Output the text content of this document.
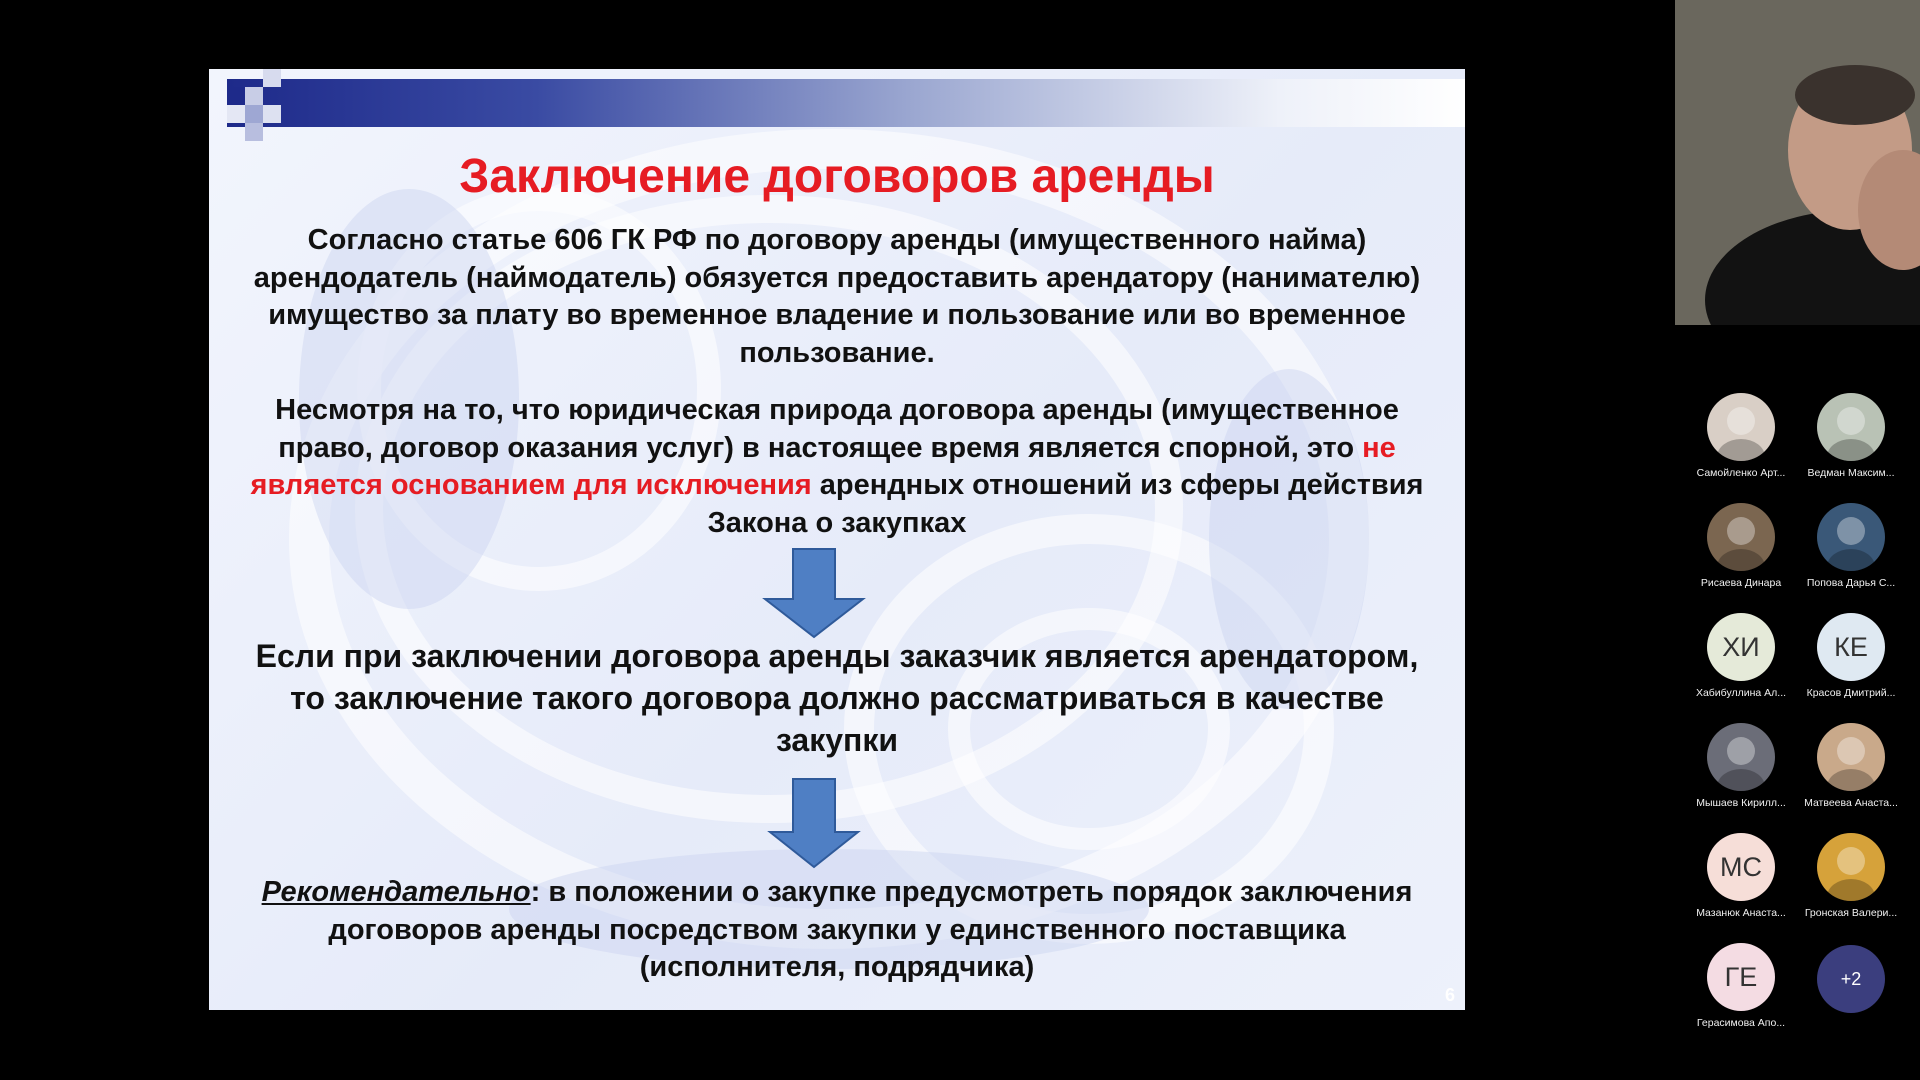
Заключение договоров аренды
Согласно статье 606 ГК РФ по договору аренды (имущественного найма) арендодатель (наймодатель) обязуется предоставить арендатору (нанимателю) имущество за плату во временное владение и пользование или во временное пользование.
Несмотря на то, что юридическая природа договора аренды (имущественное право, договор оказания услуг) в настоящее время является спорной, это не является основанием для исключения арендных отношений из сферы действия Закона о закупках
Если при заключении договора аренды заказчик является арендатором, то заключение такого договора должно рассматриваться в качестве закупки
Рекомендательно: в положении о закупке предусмотреть порядок заключения договоров аренды посредством закупки у единственного поставщика (исполнителя, подрядчика)
6
Самойленко Арт...	Ведман Максим...
Рисаева Динара	Попова Дарья С...
ХИ
Хабибуллина Ал...
КЕ
Красов Дмитрий...
Мышаев Кирилл...	Матвеева Анаста...
МС
Мазанюк Анаста...	Гронская Валери...
ГЕ
Герасимова Апо...
+2
